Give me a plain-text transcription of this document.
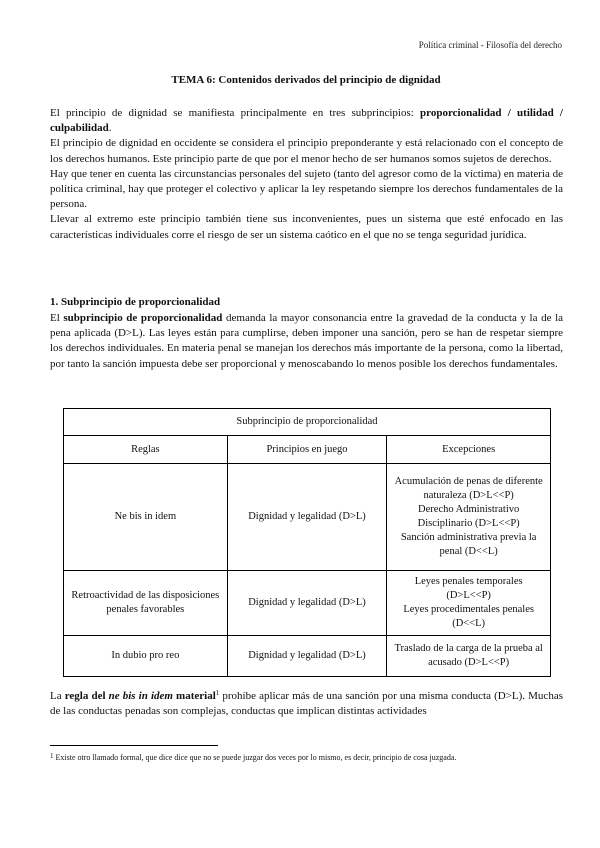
Política criminal - Filosofía del derecho
TEMA 6: Contenidos derivados del principio de dignidad

El principio de dignidad se manifiesta principalmente en tres subprincipios: proporcionalidad / utilidad / culpabilidad.

El principio de dignidad en occidente se considera el principio preponderante y está relacionado con el concepto de los derechos humanos. Este principio parte de que por el menor hecho de ser humanos somos sujetos de derechos.

Hay que tener en cuenta las circunstancias personales del sujeto (tanto del agresor como de la víctima) en materia de política criminal, hay que proteger el colectivo y aplicar la ley respetando siempre los derechos fundamentales de la persona.

Llevar al extremo este principio también tiene sus inconvenientes, pues un sistema que esté enfocado en las características individuales corre el riesgo de ser un sistema caótico en el que no se tenga seguridad jurídica.

1. Subprincipio de proporcionalidad

El subprincipio de proporcionalidad demanda la mayor consonancia entre la gravedad de la conducta y la de la pena aplicada (D>L). Las leyes están para cumplirse, deben imponer una sanción, pero se han de respetar siempre los derechos individuales. En materia penal se manejan los derechos más importante de la persona, como la libertad, por tanto la sanción impuesta debe ser proporcional y menoscabando lo menos posible los derechos fundamentales.

Subprincipio de proporcionalidad		
Reglas	Principios en juego	Excepciones
Ne bis in idem	Dignidad y legalidad (D>L)	Acumulación de penas de diferente naturaleza (D>L<<P)
Derecho Administrativo Disciplinario (D>L<<P)
Sanción administrativa previa la penal (D<<L)

Retroactividad de las disposiciones penales favorables	Dignidad y legalidad (D>L)	Leyes penales temporales (D>L<<P)
Leyes procedimentales penales (D<<L)

In dubio pro reo	Dignidad y legalidad (D>L)	Traslado de la carga de la prueba al acusado (D>L<<P)

La regla del ne bis in idem material$^1$ prohíbe aplicar más de una sanción por una misma conducta (D>L). Muchas de las conductas penadas son complejas, conductas que implican distintas actividades

$^1$ Existe otro llamado formal, que dice dice que no se puede juzgar dos veces por lo mismo, es decir, principio de cosa juzgada.
